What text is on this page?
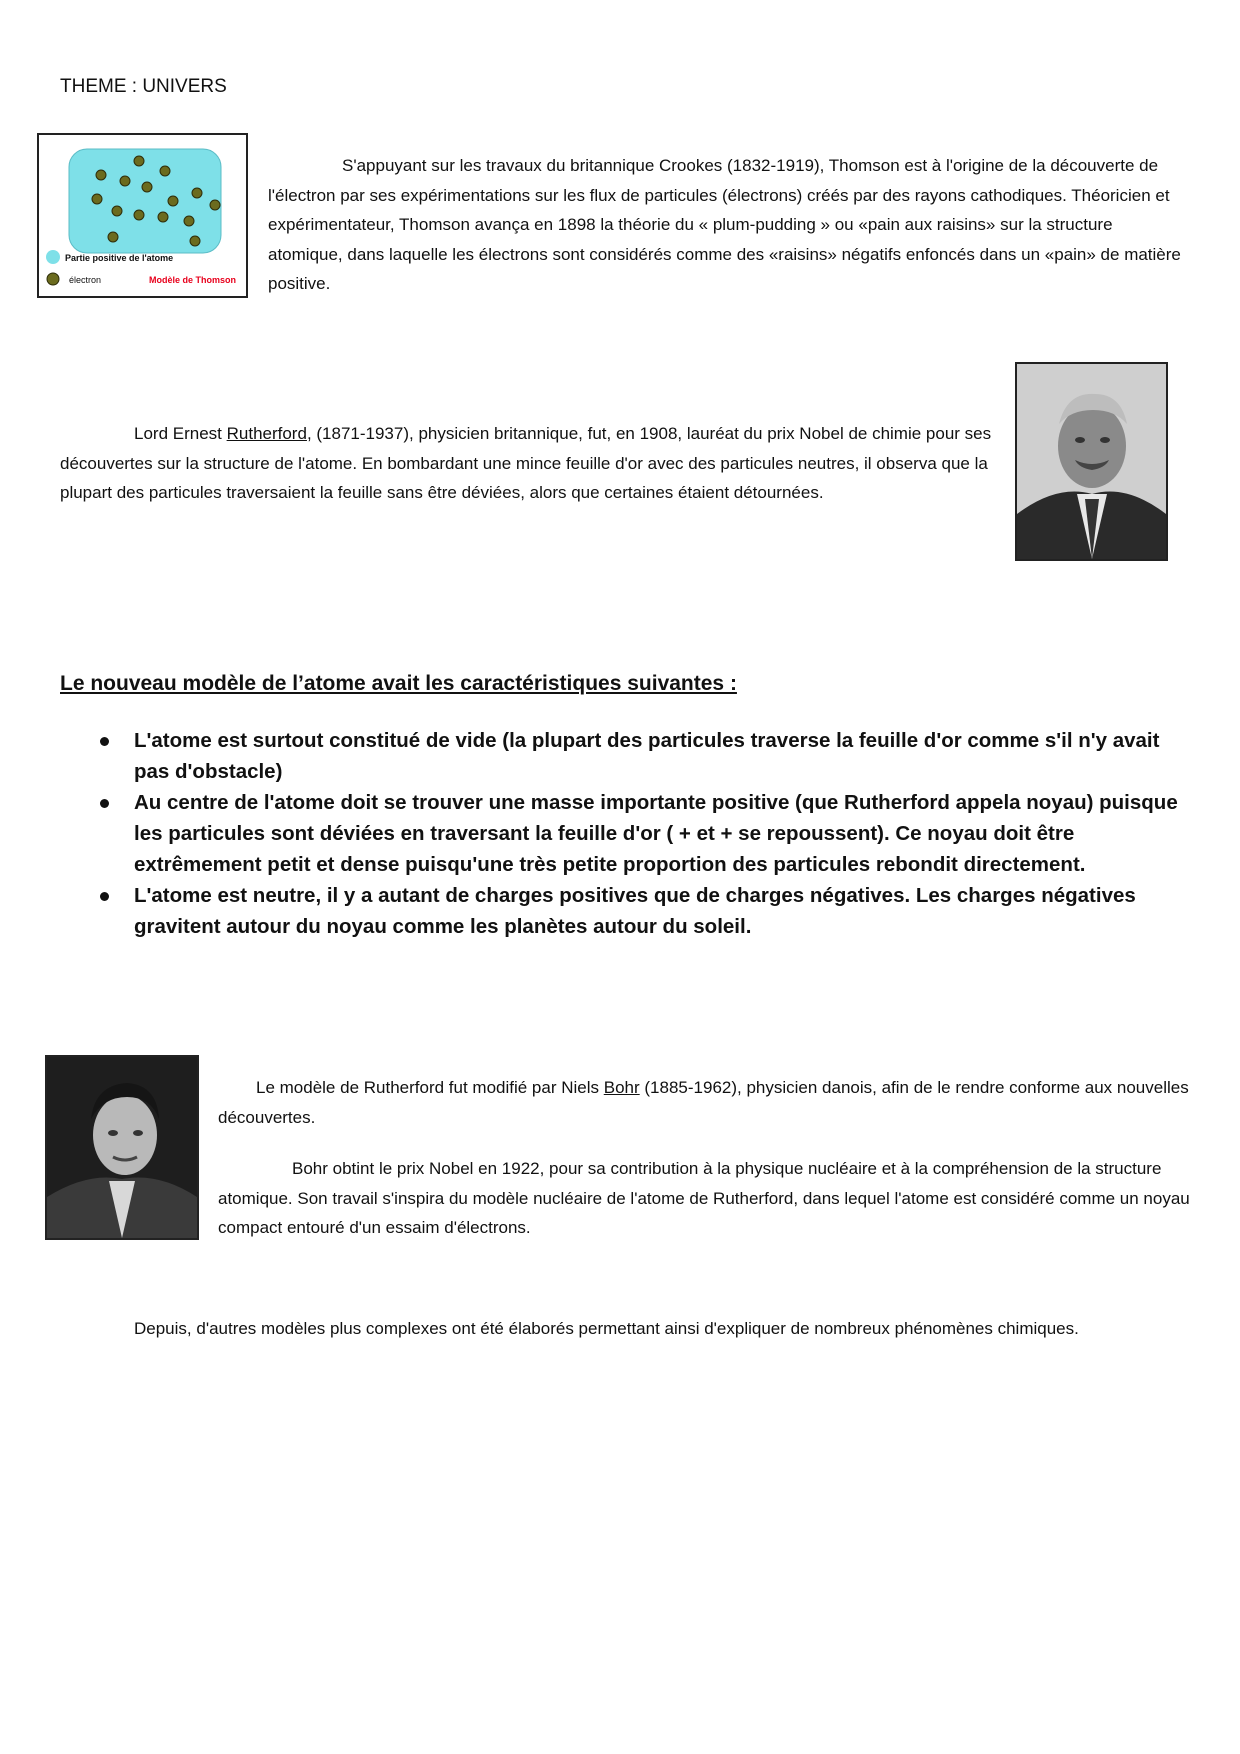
THEME : UNIVERS
Partie positive de l'atome
électron	Modèle de Thomson

S'appuyant sur les travaux du britannique Crookes (1832-1919), Thomson est à l'origine de la découverte de l'électron par ses expérimentations sur les flux de particules (électrons) créés par des rayons cathodiques. Théoricien et expérimentateur, Thomson avança en 1898 la théorie du « plum-pudding » ou «pain aux raisins» sur la structure atomique, dans laquelle les électrons sont considérés comme des «raisins» négatifs enfoncés dans un «pain» de matière positive.

Lord Ernest Rutherford, (1871-1937), physicien britannique, fut, en 1908, lauréat du prix Nobel de chimie pour ses découvertes sur la structure de l'atome. En bombardant une mince feuille d'or avec des particules neutres, il observa que la plupart des particules traversaient la feuille sans être déviées, alors que certaines étaient détournées.

Le nouveau modèle de l’atome avait les caractéristiques suivantes :

L'atome est surtout constitué de vide (la plupart des particules traverse la feuille d'or comme s'il n'y avait pas d'obstacle)
Au centre de l'atome doit se trouver une masse importante positive (que Rutherford appela noyau) puisque les particules sont déviées en traversant la feuille d'or ( + et + se repoussent). Ce noyau doit être extrêmement petit et dense puisqu'une très petite proportion des particules rebondit directement.
L'atome est neutre, il y a autant de charges positives que de charges négatives. Les charges négatives gravitent autour du noyau comme les planètes autour du soleil.

Le modèle de Rutherford fut modifié par Niels Bohr (1885-1962), physicien danois, afin de le rendre conforme aux nouvelles découvertes.

Bohr obtint le prix Nobel en 1922, pour sa contribution à la physique nucléaire et à la compréhension de la structure atomique. Son travail s'inspira du modèle nucléaire de l'atome de Rutherford, dans lequel l'atome est considéré comme un noyau compact entouré d'un essaim d'électrons.

Depuis, d'autres modèles plus complexes ont été élaborés permettant ainsi d'expliquer de nombreux phénomènes chimiques.
